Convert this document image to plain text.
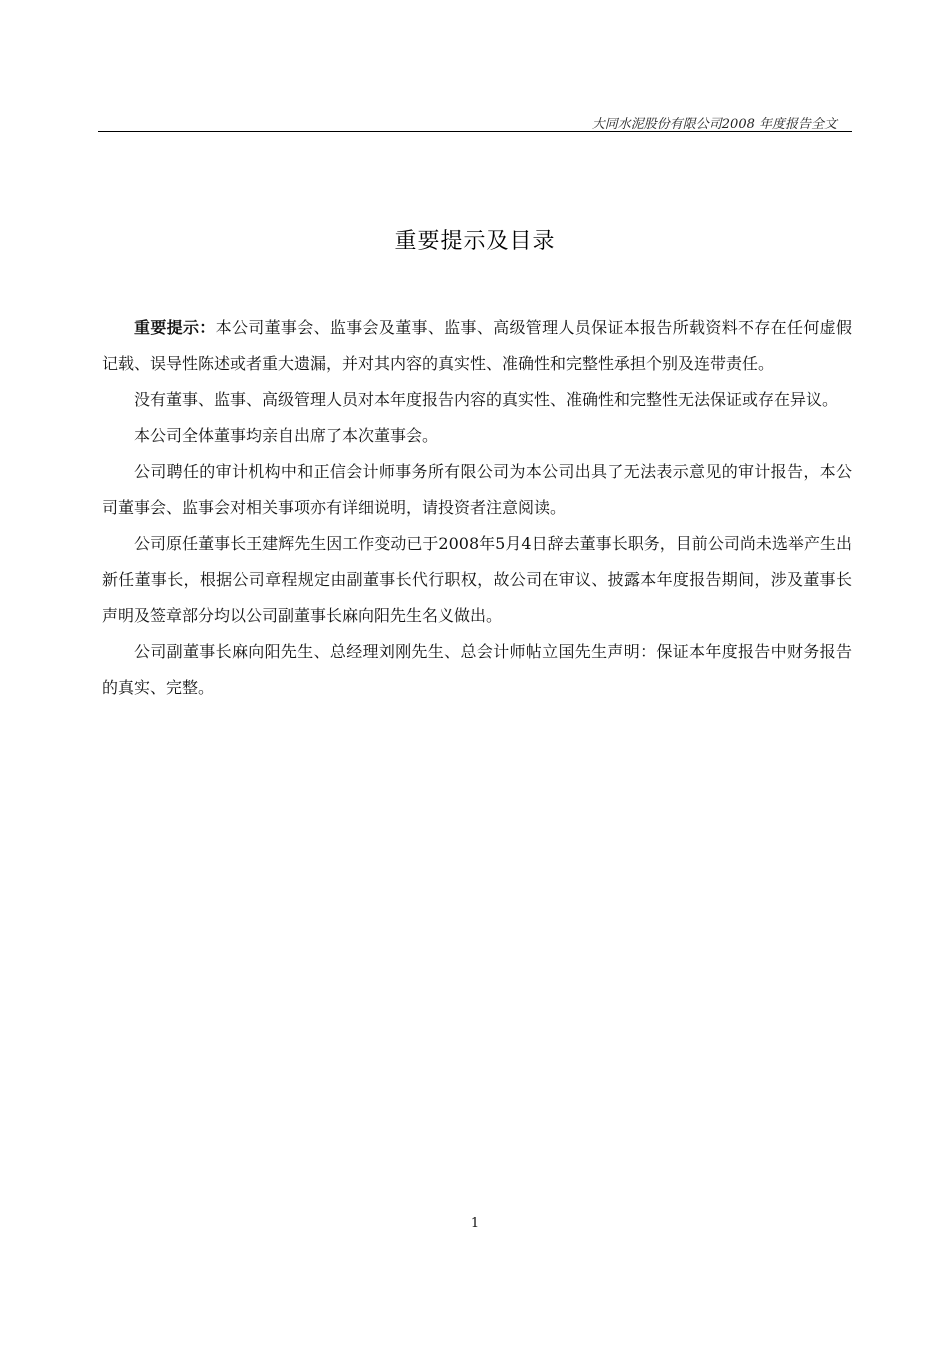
大同水泥股份有限公司2008 年度报告全文
重要提示及目录

重要提示：本公司董事会、监事会及董事、监事、高级管理人员保证本报告所载资料不存在任何虚假记载、误导性陈述或者重大遗漏，并对其内容的真实性、准确性和完整性承担个别及连带责任。

没有董事、监事、高级管理人员对本年度报告内容的真实性、准确性和完整性无法保证或存在异议。

本公司全体董事均亲自出席了本次董事会。

公司聘任的审计机构中和正信会计师事务所有限公司为本公司出具了无法表示意见的审计报告，本公司董事会、监事会对相关事项亦有详细说明，请投资者注意阅读。

公司原任董事长王建辉先生因工作变动已于2008年5月4日辞去董事长职务，目前公司尚未选举产生出新任董事长，根据公司章程规定由副董事长代行职权，故公司在审议、披露本年度报告期间，涉及董事长声明及签章部分均以公司副董事长麻向阳先生名义做出。

公司副董事长麻向阳先生、总经理刘刚先生、总会计师帖立国先生声明：保证本年度报告中财务报告的真实、完整。

1
